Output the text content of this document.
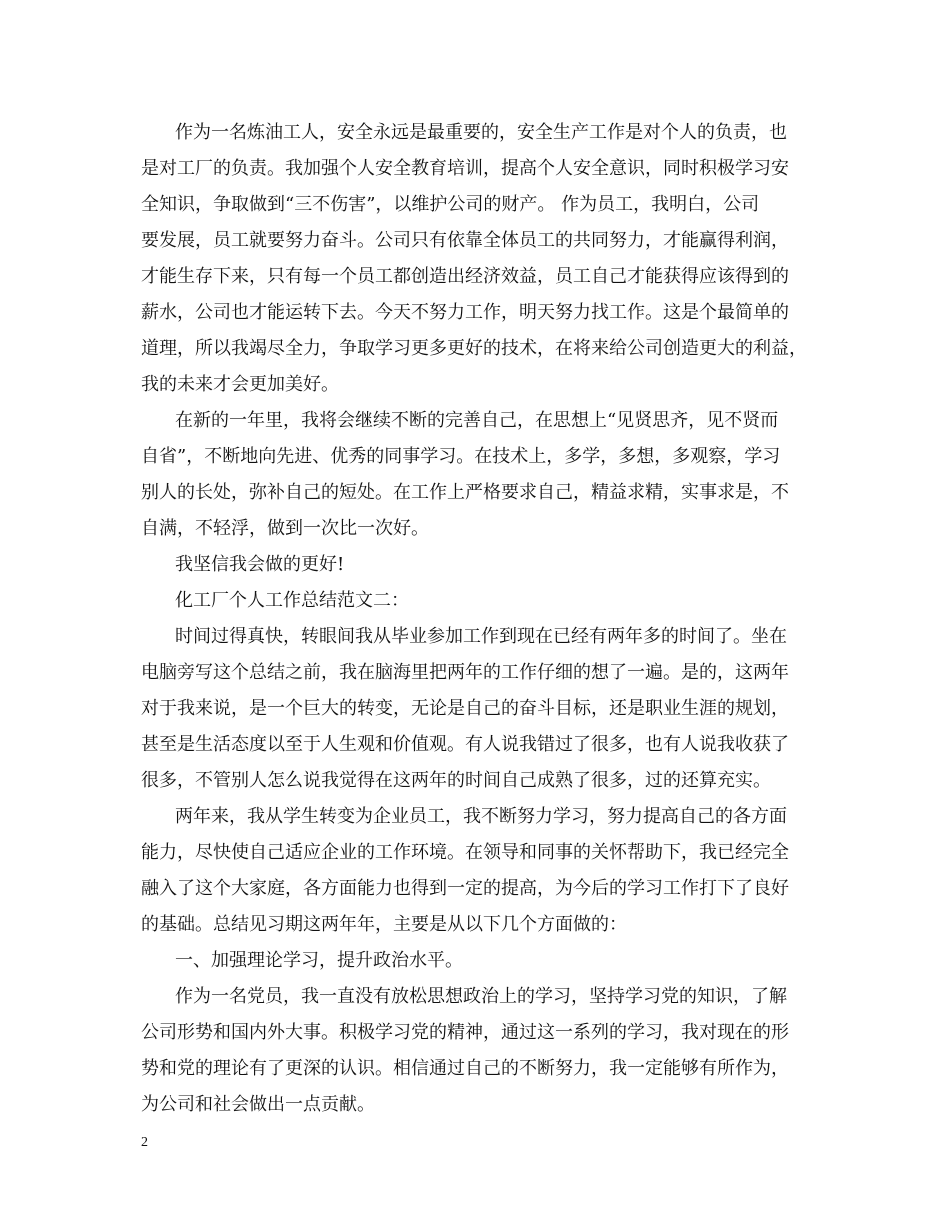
作为一名炼油工人，安全永远是最重要的，安全生产工作是对个人的负责，也
是对工厂的负责。我加强个人安全教育培训，提高个人安全意识，同时积极学习安
全知识，争取做到“三不伤害”，以维护公司的财产。 作为员工，我明白，公司
要发展，员工就要努力奋斗。公司只有依靠全体员工的共同努力，才能赢得利润，
才能生存下来，只有每一个员工都创造出经济效益，员工自己才能获得应该得到的
薪水，公司也才能运转下去。今天不努力工作，明天努力找工作。这是个最简单的
道理，所以我竭尽全力，争取学习更多更好的技术，在将来给公司创造更大的利益，
我的未来才会更加美好。
在新的一年里，我将会继续不断的完善自己，在思想上“见贤思齐，见不贤而
自省”，不断地向先进、优秀的同事学习。在技术上，多学，多想，多观察，学习
别人的长处，弥补自己的短处。在工作上严格要求自己，精益求精，实事求是，不
自满，不轻浮，做到一次比一次好。
我坚信我会做的更好!
化工厂个人工作总结范文二：
时间过得真快，转眼间我从毕业参加工作到现在已经有两年多的时间了。坐在
电脑旁写这个总结之前，我在脑海里把两年的工作仔细的想了一遍。是的，这两年
对于我来说，是一个巨大的转变，无论是自己的奋斗目标，还是职业生涯的规划，
甚至是生活态度以至于人生观和价值观。有人说我错过了很多，也有人说我收获了
很多，不管别人怎么说我觉得在这两年的时间自己成熟了很多，过的还算充实。
两年来，我从学生转变为企业员工，我不断努力学习，努力提高自己的各方面
能力，尽快使自己适应企业的工作环境。在领导和同事的关怀帮助下，我已经完全
融入了这个大家庭，各方面能力也得到一定的提高，为今后的学习工作打下了良好
的基础。总结见习期这两年年，主要是从以下几个方面做的：
一、加强理论学习，提升政治水平。
作为一名党员，我一直没有放松思想政治上的学习，坚持学习党的知识，了解
公司形势和国内外大事。积极学习党的精神，通过这一系列的学习，我对现在的形
势和党的理论有了更深的认识。相信通过自己的不断努力，我一定能够有所作为，
为公司和社会做出一点贡献。
2
